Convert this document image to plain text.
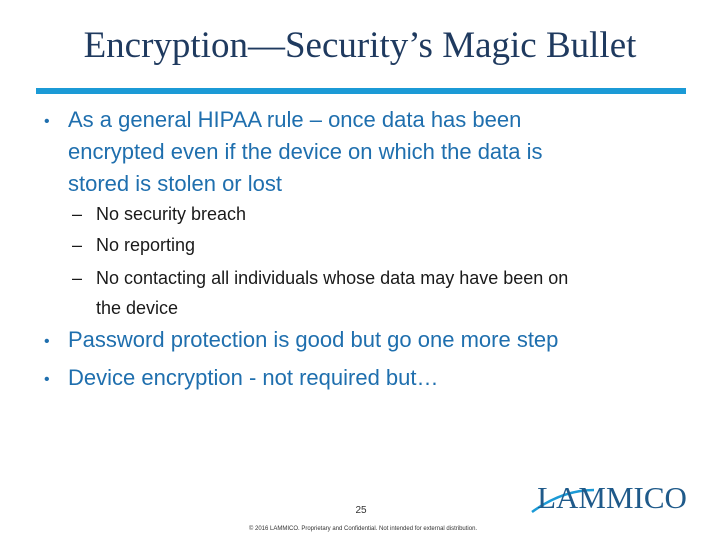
Encryption—Security’s Magic Bullet
• As a general HIPAA rule – once data has been
encrypted even if the device on which the data is
stored is stolen or lost
– No security breach
– No reporting
– No contacting all individuals whose data may have been on
the device
• Password protection is good but go one more step
• Device encryption - not required but…
25
© 2016 LAMMICO. Proprietary and Confidential. Not intended for external distribution.
LAMMICO
